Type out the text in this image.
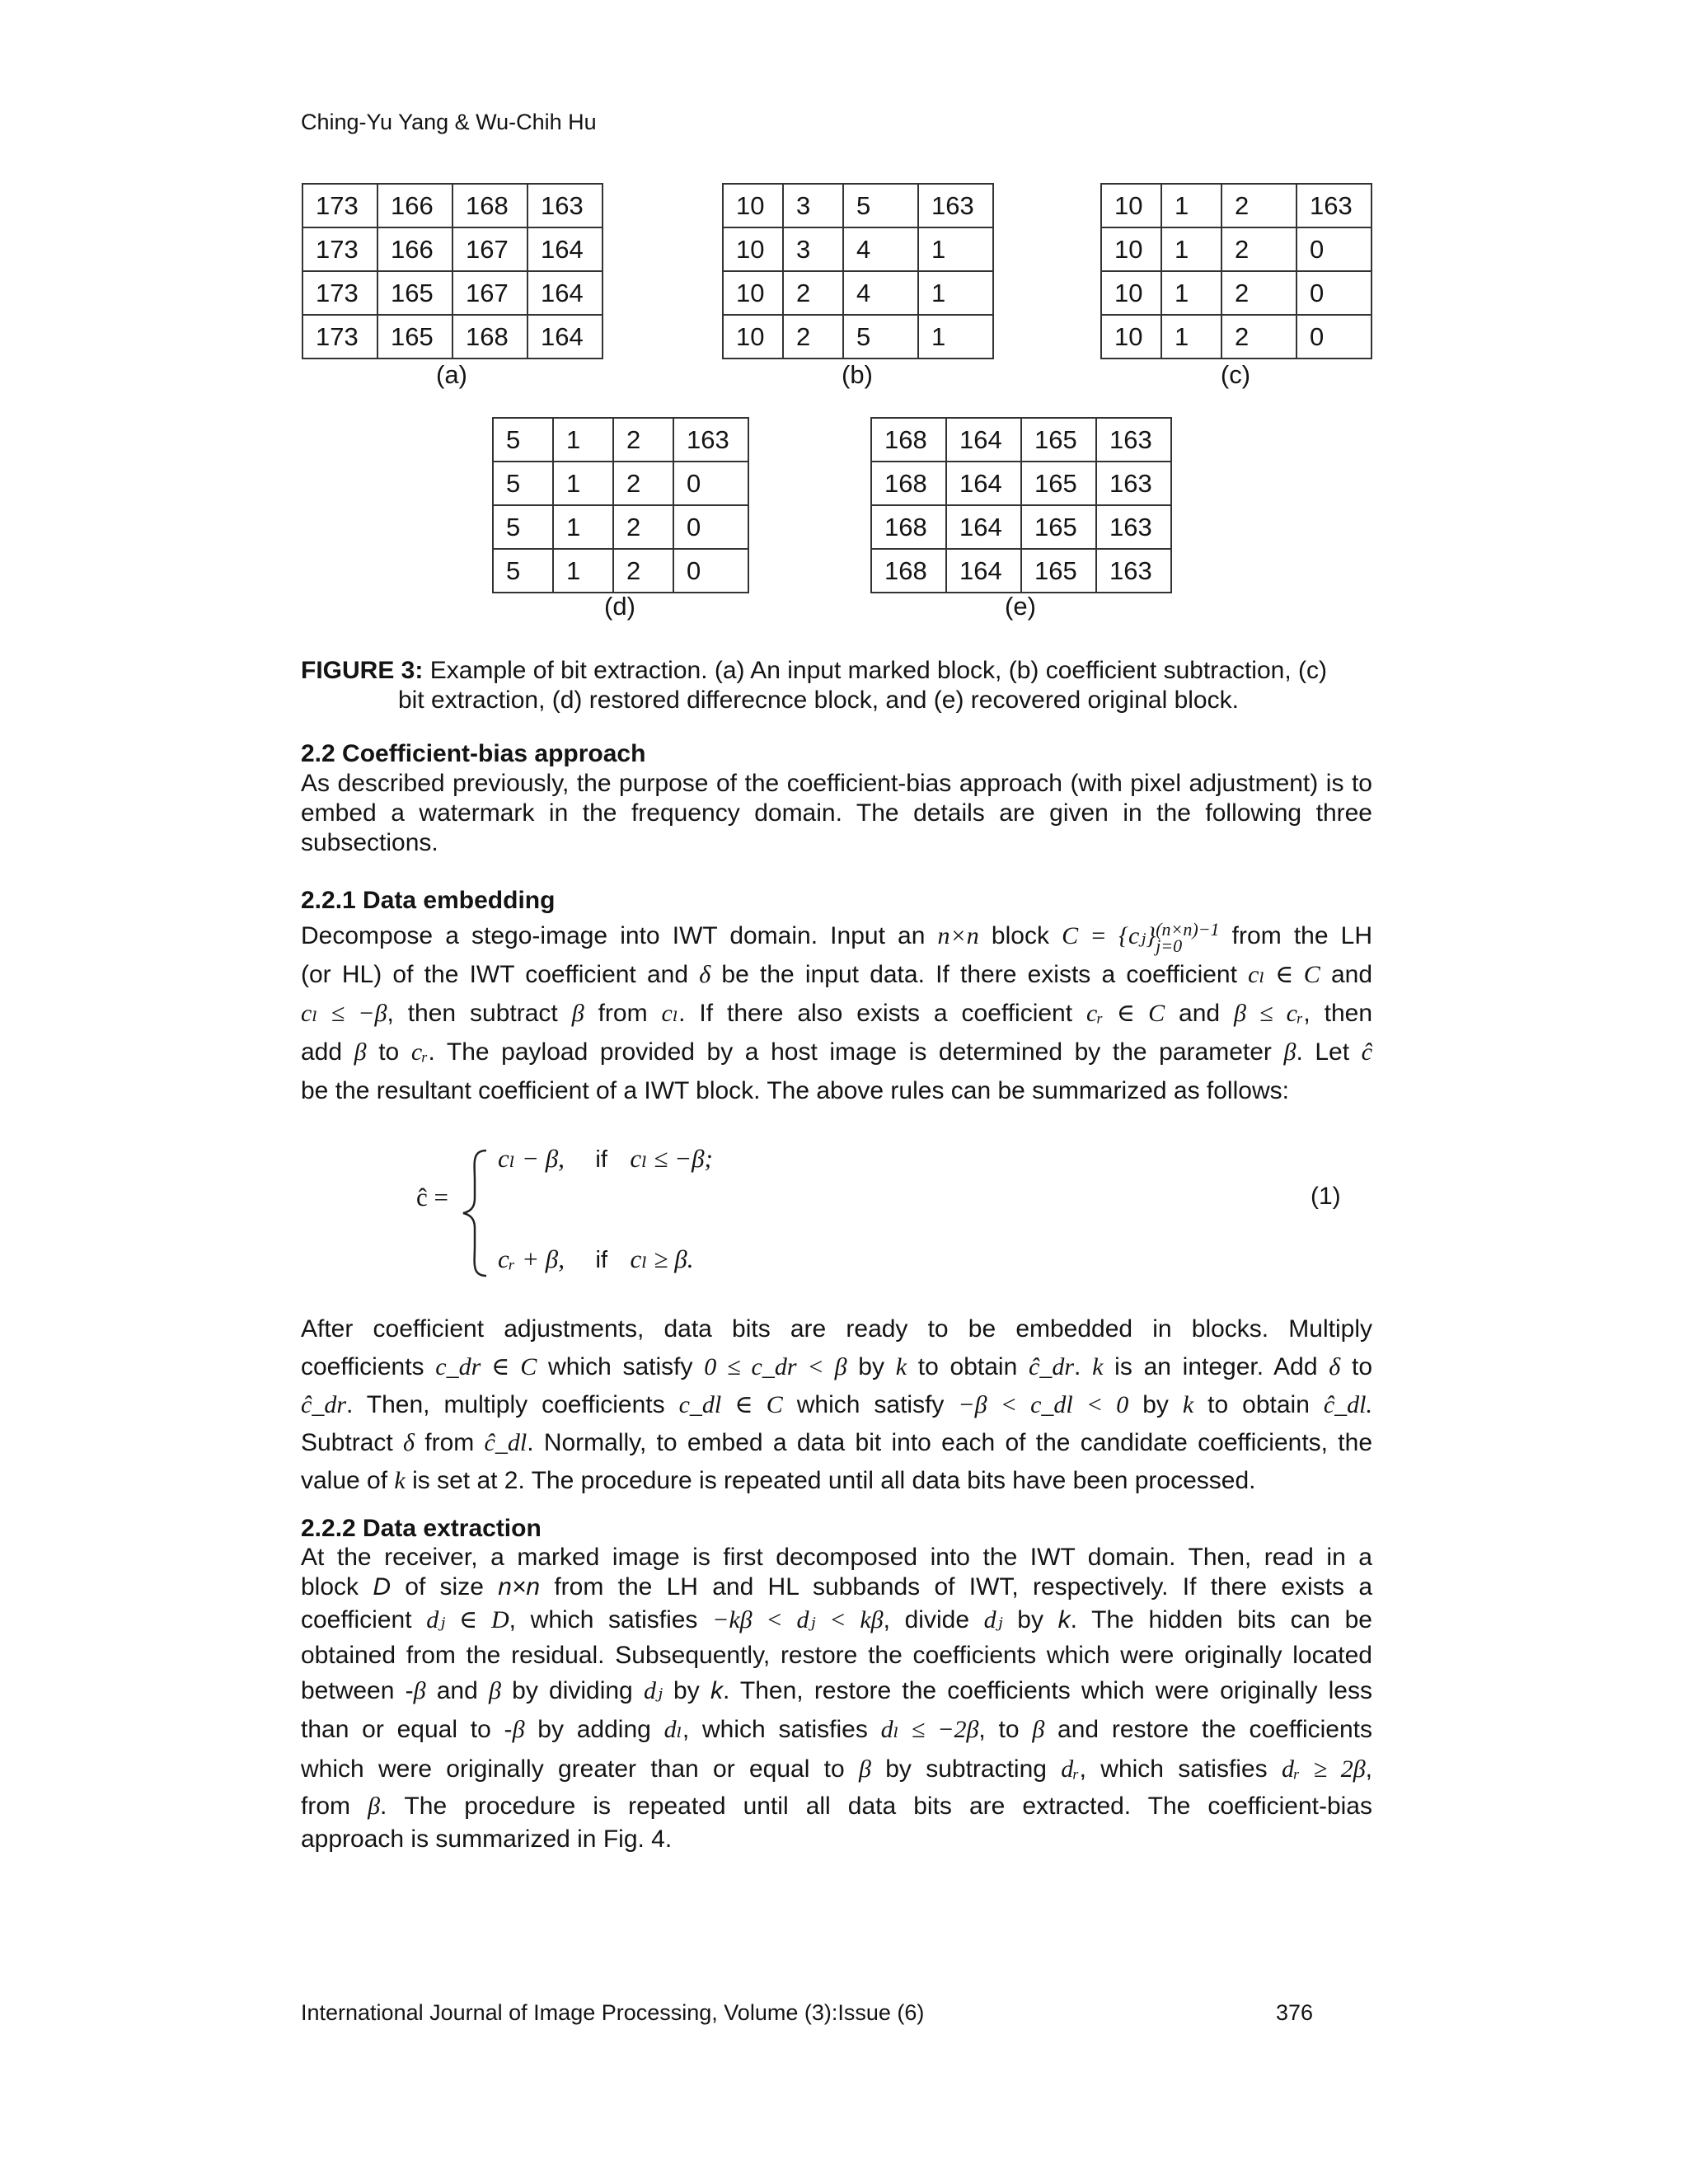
Ching-Yu Yang & Wu-Chih Hu
173	166	168	163
173	166	167	164
173	165	167	164
173	165	168	164
(a)
10	3	5	163
10	3	4	1
10	2	4	1
10	2	5	1
(b)
10	1	2	163
10	1	2	0
10	1	2	0
10	1	2	0
(c)
5	1	2	163
5	1	2	0
5	1	2	0
5	1	2	0
(d)
168	164	165	163
168	164	165	163
168	164	165	163
168	164	165	163
(e)
FIGURE 3: Example of bit extraction. (a) An input marked block, (b) coefficient subtraction, (c)
bit extraction, (d) restored differecnce block, and (e) recovered original block.
2.2 Coefficient-bias approach
As described previously, the purpose of the coefficient-bias approach (with pixel adjustment) is to embed a watermark in the frequency domain. The details are given in the following three subsections.
2.2.1 Data embedding
Decompose a stego-image into IWT domain. Input an n×n block C = {cⱼ} (n×n)−1
j=0	from the LH
(or HL) of the IWT coefficient and δ be the input data. If there exists a coefficient cₗ ∈ C and
cₗ ≤ −β, then subtract β from cₗ. If there also exists a coefficient cᵣ ∈ C and β ≤ cᵣ, then
add β to cᵣ. The payload provided by a host image is determined by the parameter β. Let ĉ
be the resultant coefficient of a IWT block. The above rules can be summarized as follows:
ĉ =
cₗ − β, if cₗ ≤ −β;
cᵣ + β, if cₗ ≥ β.
(1)
After coefficient adjustments, data bits are ready to be embedded in blocks. Multiply
coefficients c_dr ∈ C which satisfy 0 ≤ c_dr < β by k to obtain ĉ_dr. k is an integer. Add δ to
ĉ_dr. Then, multiply coefficients c_dl ∈ C which satisfy −β < c_dl < 0 by k to obtain ĉ_dl.
Subtract δ from ĉ_dl. Normally, to embed a data bit into each of the candidate coefficients, the
value of k is set at 2. The procedure is repeated until all data bits have been processed.
2.2.2 Data extraction
At the receiver, a marked image is first decomposed into the IWT domain. Then, read in a
block D of size n×n from the LH and HL subbands of IWT, respectively. If there exists a
coefficient dⱼ ∈ D, which satisfies −kβ < dⱼ < kβ, divide dⱼ by k. The hidden bits can be
obtained from the residual. Subsequently, restore the coefficients which were originally located
between -β and β by dividing dⱼ by k. Then, restore the coefficients which were originally less
than or equal to -β by adding dₗ, which satisfies dₗ ≤ −2β, to β and restore the coefficients
which were originally greater than or equal to β by subtracting dᵣ, which satisfies dᵣ ≥ 2β,
from β. The procedure is repeated until all data bits are extracted. The coefficient-bias
approach is summarized in Fig. 4.
International Journal of Image Processing, Volume (3):Issue (6)	376
